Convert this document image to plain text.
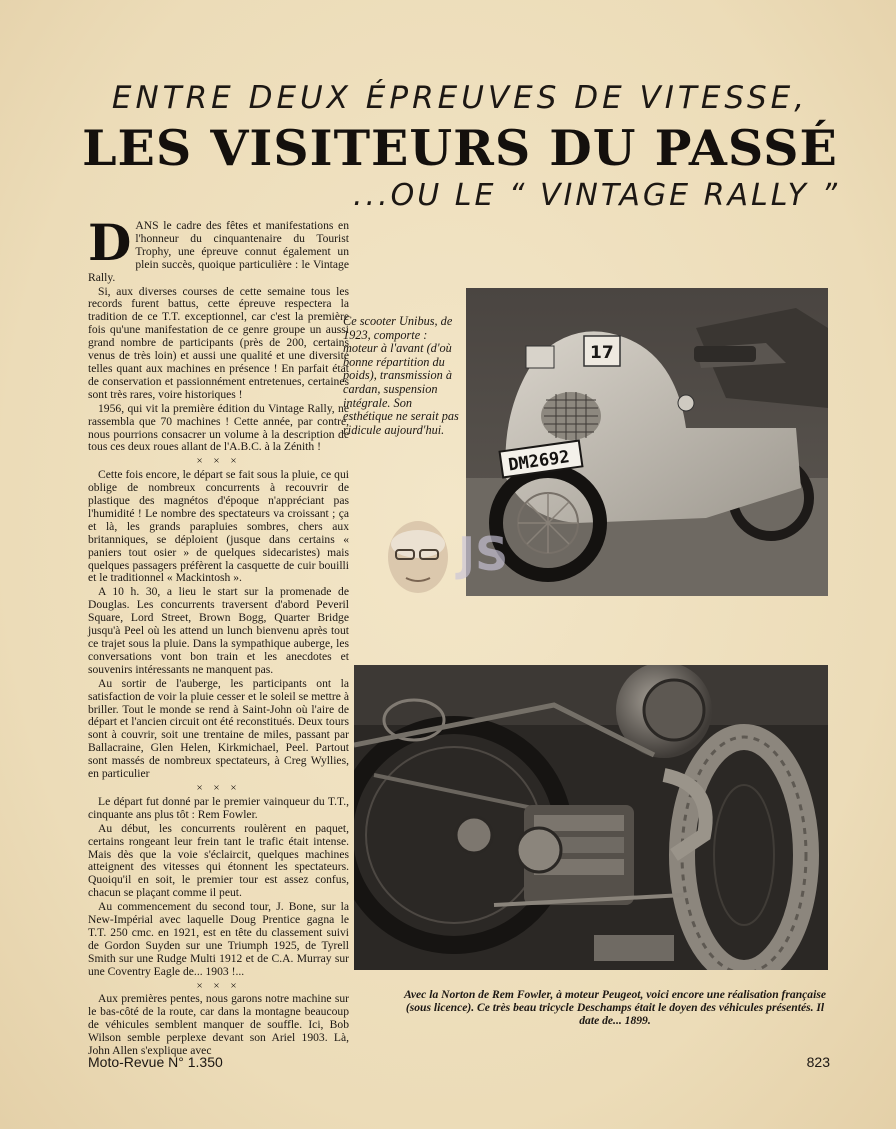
ENTRE DEUX ÉPREUVES DE VITESSE,
LES VISITEURS DU PASSÉ
...OU LE “ VINTAGE RALLY ”

DANS le cadre des fêtes et manifestations en l'honneur du cinquantenaire du Tourist Trophy, une épreuve connut également un plein succès, quoique particulière : le Vintage Rally.

Si, aux diverses courses de cette semaine tous les records furent battus, cette épreuve respectera la tradition de ce T.T. exceptionnel, car c'est la première fois qu'une manifestation de ce genre groupe un aussi grand nombre de participants (près de 200, certains venus de très loin) et aussi une qualité et une diversité telles quant aux machines en présence ! En parfait état de conservation et passionnément entretenues, certaines sont très rares, voire historiques !

1956, qui vit la première édition du Vintage Rally, ne rassembla que 70 machines ! Cette année, par contre, nous pourrions consacrer un volume à la description de tous ces deux roues allant de l'A.B.C. à la Zénith !

× × ×

Cette fois encore, le départ se fait sous la pluie, ce qui oblige de nombreux concurrents à recouvrir de plastique des magnétos d'époque n'appréciant pas l'humidité ! Le nombre des spectateurs va croissant ; ça et là, les grands parapluies sombres, chers aux britanniques, se déploient (jusque dans certains « paniers tout osier » de quelques sidecaristes) mais quelques passagers préfèrent la casquette de cuir bouilli et le traditionnel « Mackintosh ».

A 10 h. 30, a lieu le start sur la promenade de Douglas. Les concurrents traversent d'abord Peveril Square, Lord Street, Brown Bogg, Quarter Bridge jusqu'à Peel où les attend un lunch bienvenu après tout ce trajet sous la pluie. Dans la sympathique auberge, les conversations vont bon train et les anecdotes et souvenirs intéressants ne manquent pas.

Au sortir de l'auberge, les participants ont la satisfaction de voir la pluie cesser et le soleil se mettre à briller. Tout le monde se rend à Saint-John où l'aire de départ et l'ancien circuit ont été reconstitués. Deux tours sont à couvrir, soit une trentaine de miles, passant par Ballacraine, Glen Helen, Kirkmichael, Peel. Partout sont massés de nombreux spectateurs, à Creg Wyllies, en particulier

× × ×

Le départ fut donné par le premier vainqueur du T.T., cinquante ans plus tôt : Rem Fowler.

Au début, les concurrents roulèrent en paquet, certains rongeant leur frein tant le trafic était intense. Mais dès que la voie s'éclaircit, quelques machines atteignent des vitesses qui étonnent les spectateurs. Quoiqu'il en soit, le premier tour est assez confus, chacun se plaçant comme il peut.

Au commencement du second tour, J. Bone, sur la New-Impérial avec laquelle Doug Prentice gagna le T.T. 250 cmc. en 1921, est en tête du classement suivi de Gordon Suyden sur une Triumph 1925, de Tyrell Smith sur une Rudge Multi 1912 et de C.A. Murray sur une Coventry Eagle de... 1903 !...

× × ×

Aux premières pentes, nous garons notre machine sur le bas-côté de la route, car dans la montagne beaucoup de véhicules semblent manquer de souffle. Ici, Bob Wilson semble perplexe devant son Ariel 1903. Là, John Allen s'explique avec

Ce scooter Unibus, de 1923, comporte : moteur à l'avant (d'où bonne répartition du poids), transmission à cardan, suspension intégrale. Son esthétique ne serait pas ridicule aujourd'hui.
DM2692
17
JS
Avec la Norton de Rem Fowler, à moteur Peugeot, voici encore une réalisation française (sous licence). Ce très beau tricycle Deschamps était le doyen des véhicules présentés. Il date de... 1899.
Moto-Revue N° 1.350	823
